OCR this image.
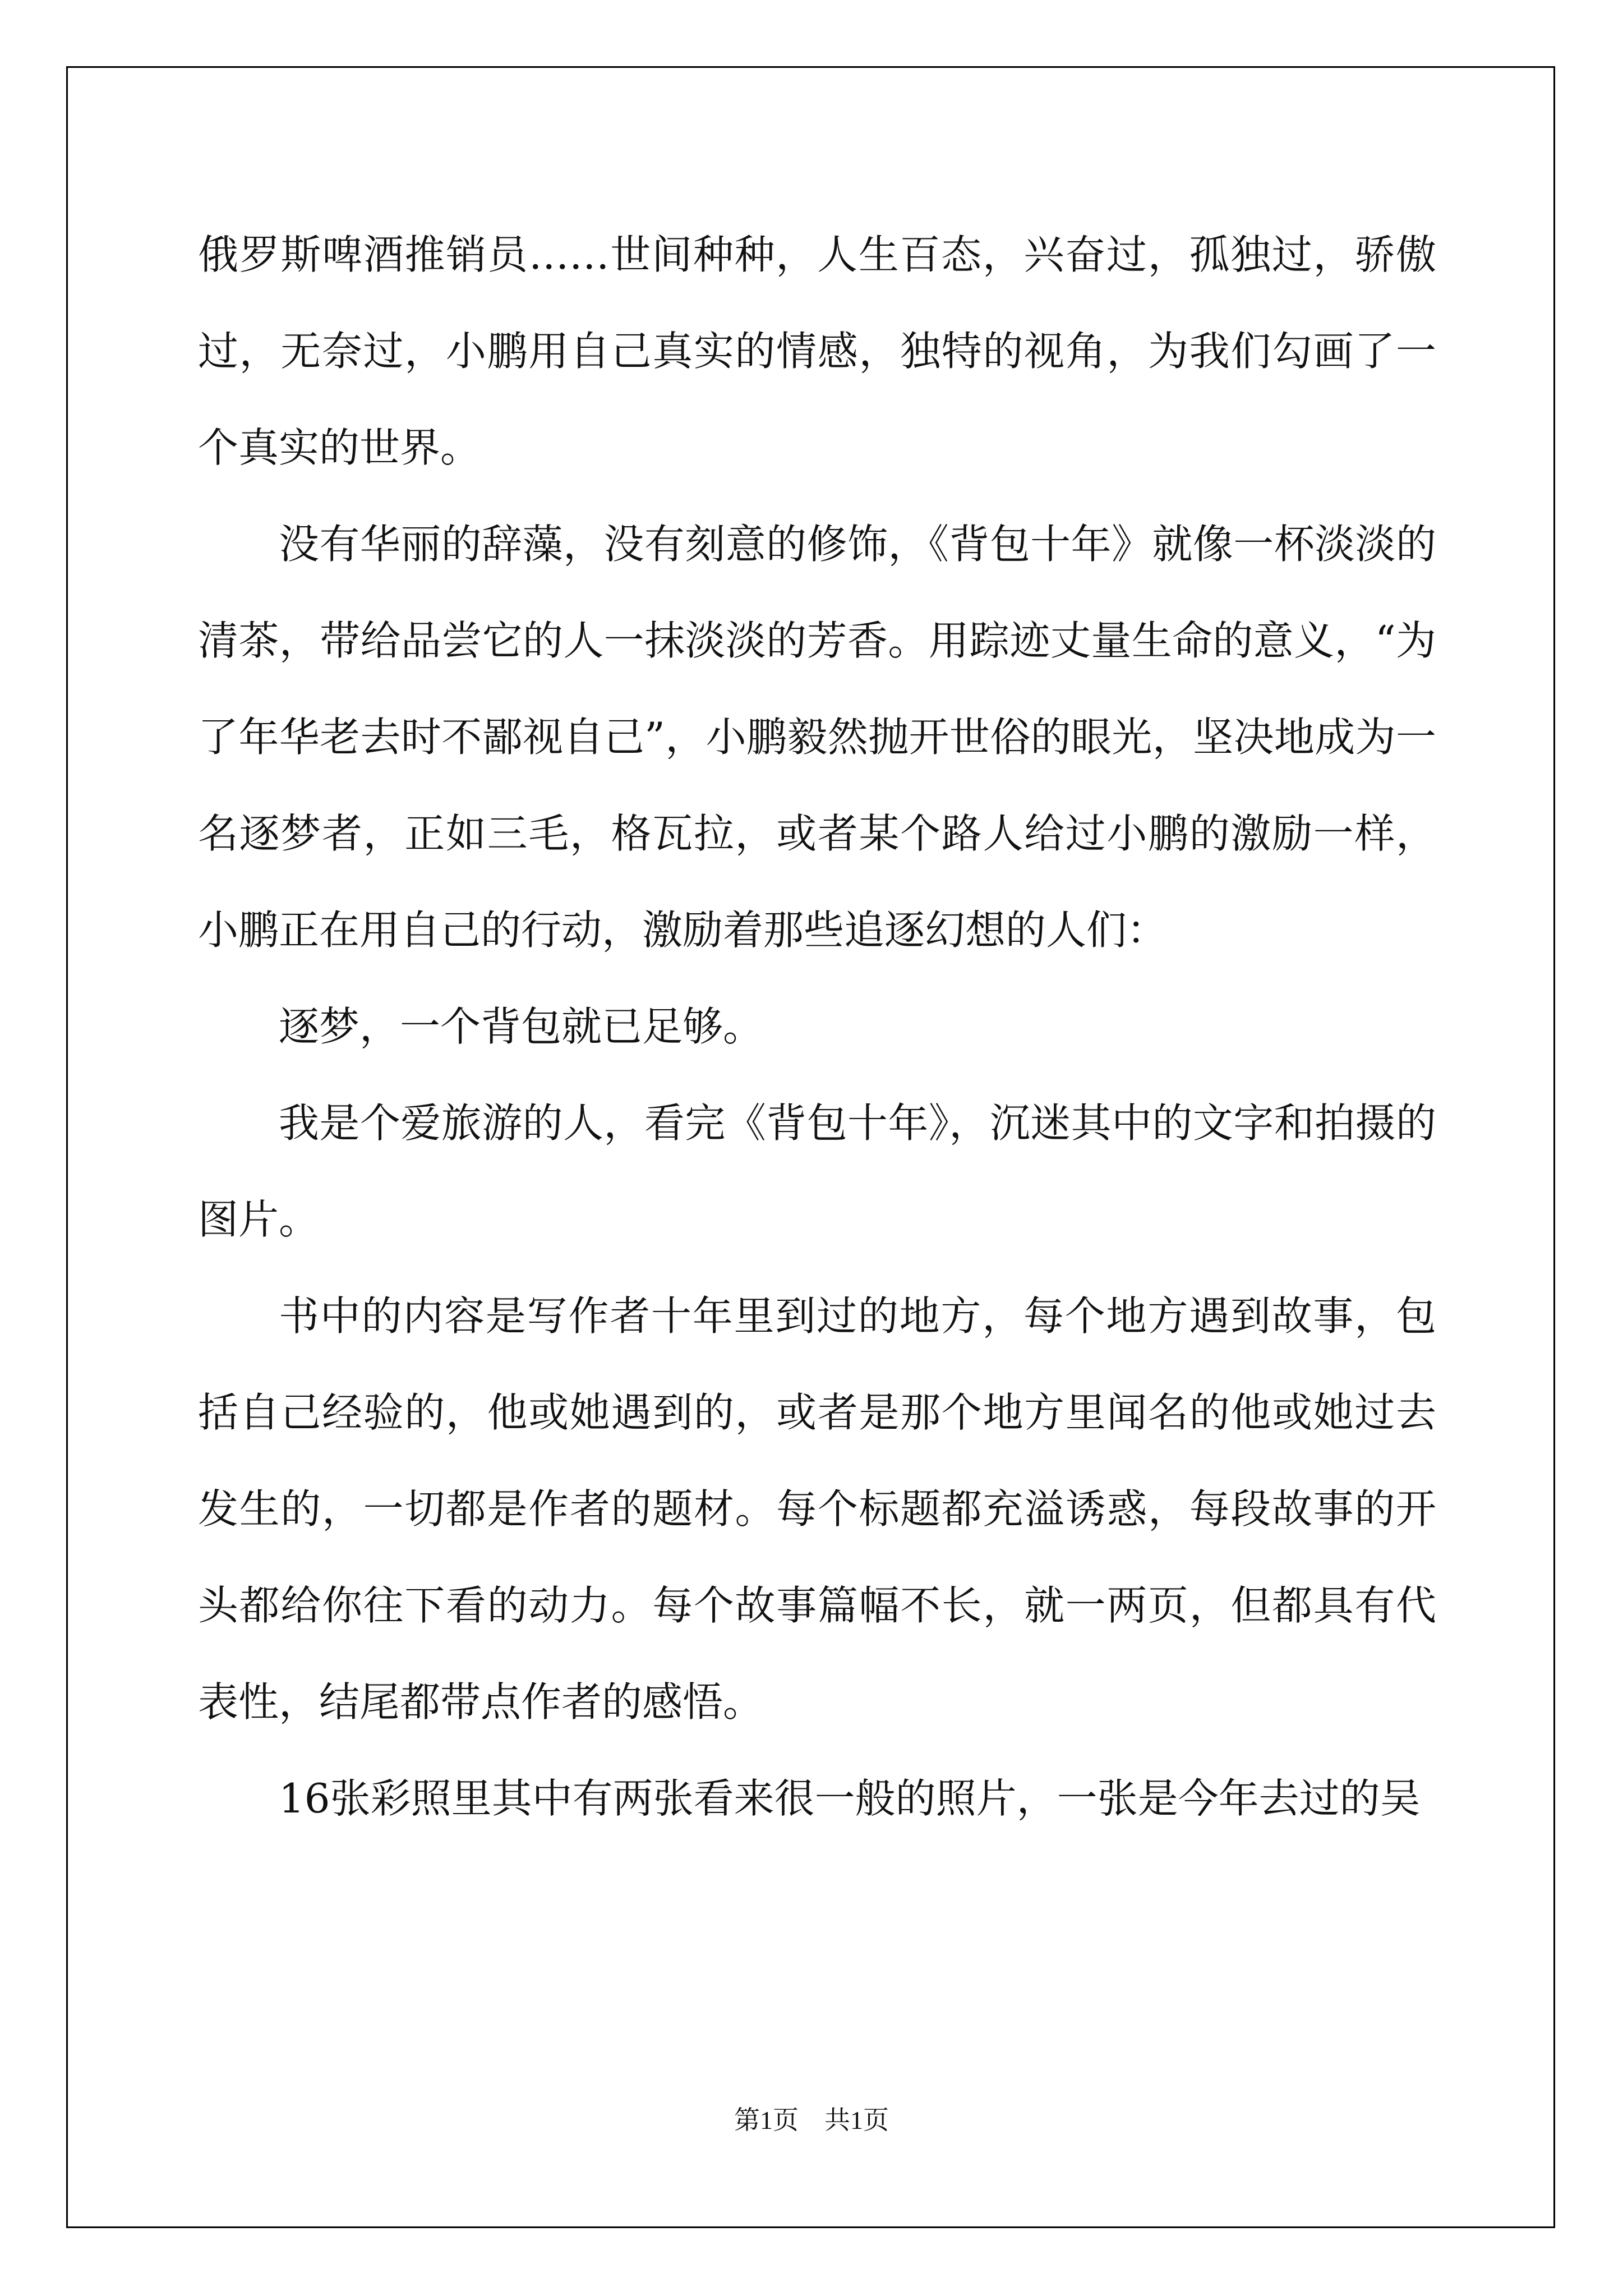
俄罗斯啤酒推销员……世间种种，人生百态，兴奋过，孤独过，骄傲过，无奈过，小鹏用自己真实的情感，独特的视角，为我们勾画了一个真实的世界。

没有华丽的辞藻，没有刻意的修饰，《背包十年》就像一杯淡淡的清茶，带给品尝它的人一抹淡淡的芳香。用踪迹丈量生命的意义，“为了年华老去时不鄙视自己”，小鹏毅然抛开世俗的眼光，坚决地成为一名逐梦者，正如三毛，格瓦拉，或者某个路人给过小鹏的激励一样，小鹏正在用自己的行动，激励着那些追逐幻想的人们：

逐梦，一个背包就已足够。

我是个爱旅游的人，看完《背包十年》，沉迷其中的文字和拍摄的图片。

书中的内容是写作者十年里到过的地方，每个地方遇到故事，包括自己经验的，他或她遇到的，或者是那个地方里闻名的他或她过去发生的，一切都是作者的题材。每个标题都充溢诱惑，每段故事的开头都给你往下看的动力。每个故事篇幅不长，就一两页，但都具有代表性，结尾都带点作者的感悟。

16张彩照里其中有两张看来很一般的照片，一张是今年去过的吴

第1页　共1页
